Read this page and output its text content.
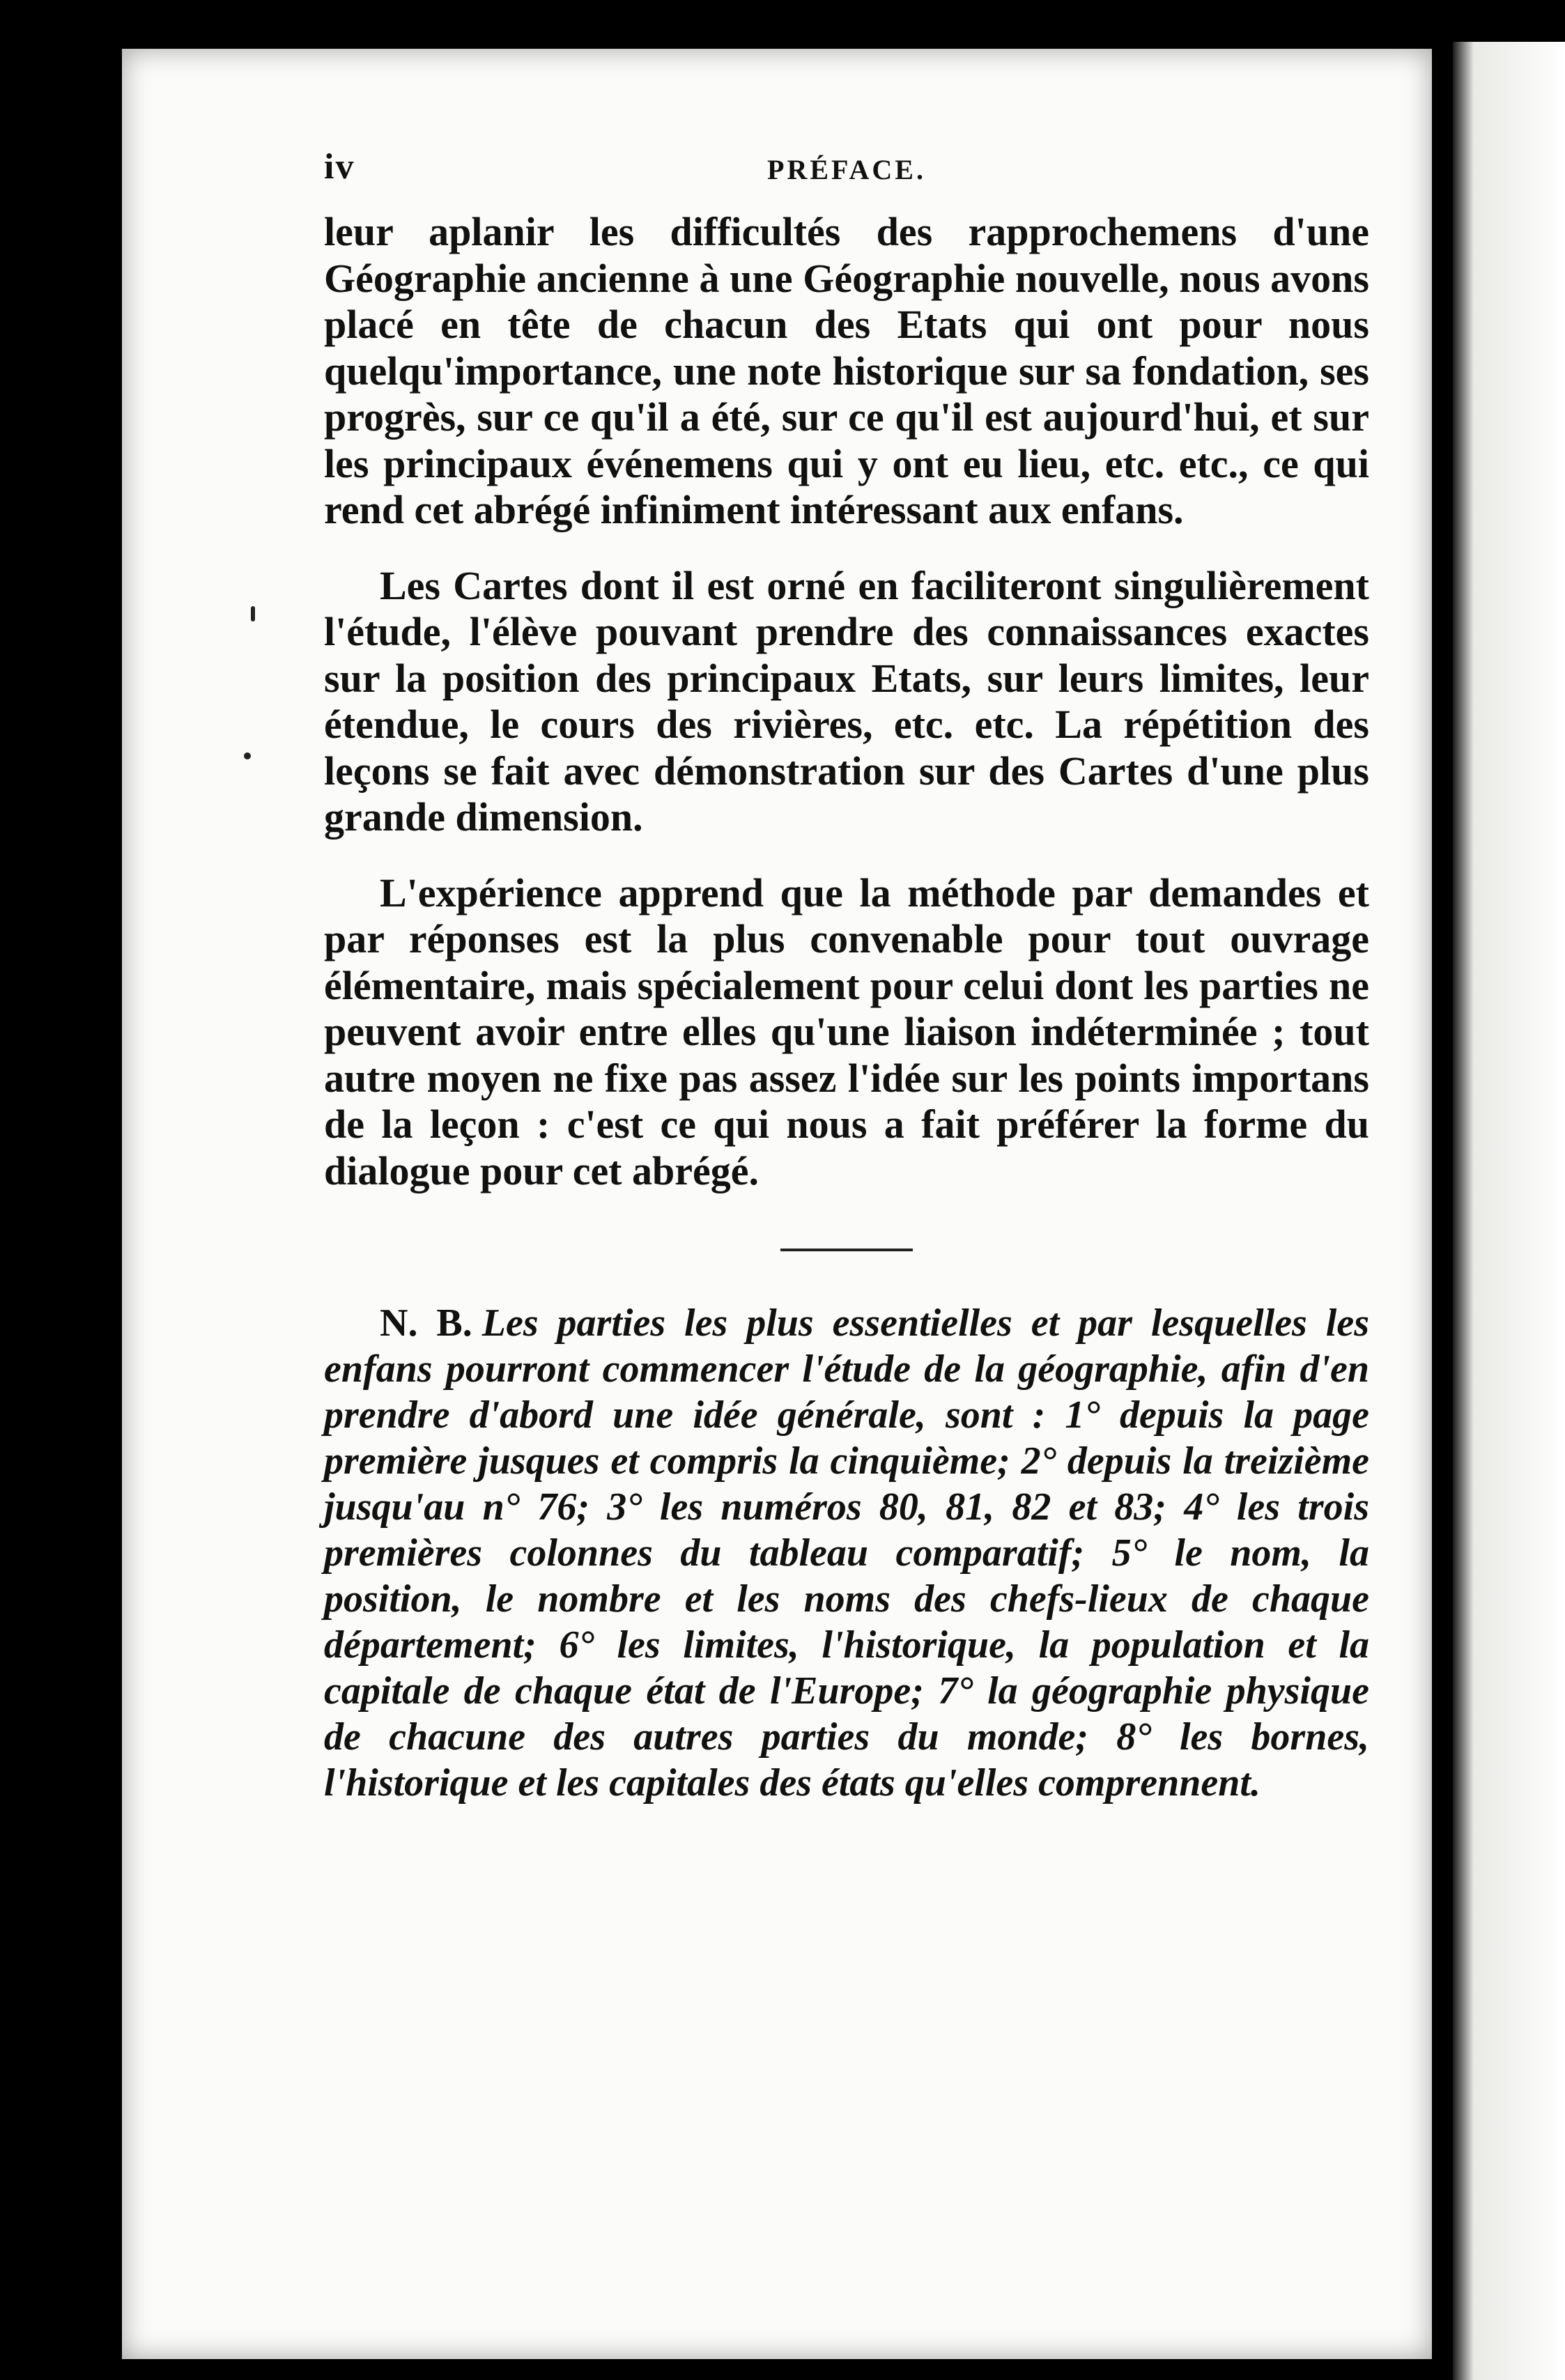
iv	PRÉFACE.

leur aplanir les difficultés des rapprochemens d'une Géographie ancienne à une Géographie nouvelle, nous avons placé en tête de chacun des Etats qui ont pour nous quelqu'importance, une note historique sur sa fondation, ses progrès, sur ce qu'il a été, sur ce qu'il est aujourd'hui, et sur les principaux événemens qui y ont eu lieu, etc. etc., ce qui rend cet abrégé infiniment intéressant aux enfans.

Les Cartes dont il est orné en faciliteront singulièrement l'étude, l'élève pouvant prendre des connaissances exactes sur la position des principaux Etats, sur leurs limites, leur étendue, le cours des rivières, etc. etc. La répétition des leçons se fait avec démonstration sur des Cartes d'une plus grande dimension.

L'expérience apprend que la méthode par demandes et par réponses est la plus convenable pour tout ouvrage élémentaire, mais spécialement pour celui dont les parties ne peuvent avoir entre elles qu'une liaison indéterminée ; tout autre moyen ne fixe pas assez l'idée sur les points importans de la leçon : c'est ce qui nous a fait préférer la forme du dialogue pour cet abrégé.

N. B. Les parties les plus essentielles et par lesquelles les enfans pourront commencer l'étude de la géographie, afin d'en prendre d'abord une idée générale, sont : 1° depuis la page première jusques et compris la cinquième; 2° depuis la treizième jusqu'au n° 76; 3° les numéros 80, 81, 82 et 83; 4° les trois premières colonnes du tableau comparatif; 5° le nom, la position, le nombre et les noms des chefs-lieux de chaque département; 6° les limites, l'historique, la population et la capitale de chaque état de l'Europe; 7° la géographie physique de chacune des autres parties du monde; 8° les bornes, l'historique et les capitales des états qu'elles comprennent.
